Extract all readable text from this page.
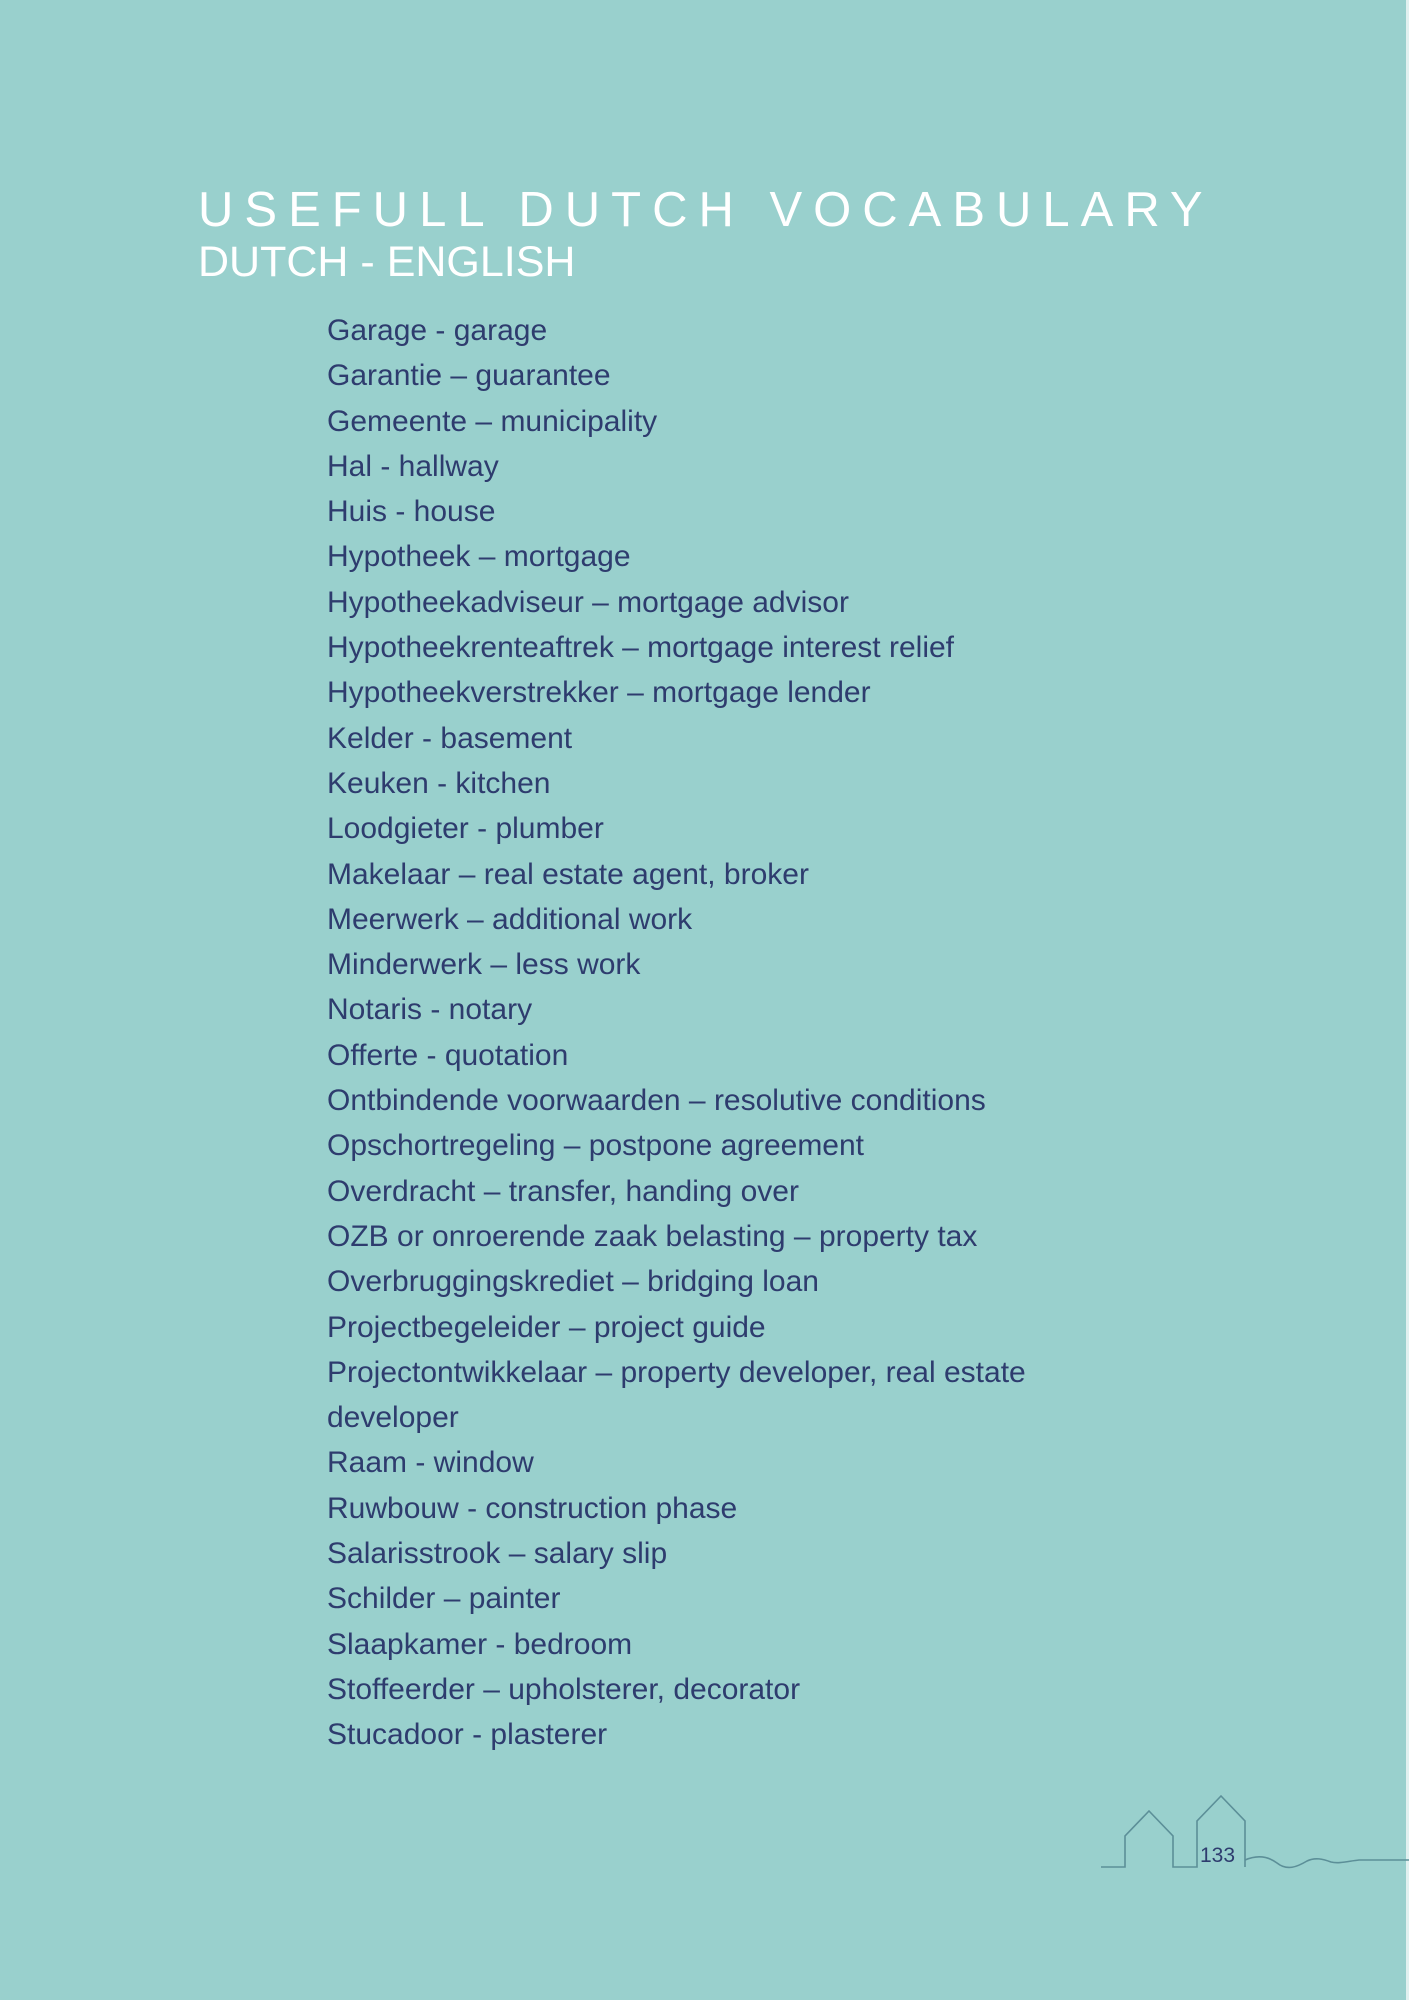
USEFULL DUTCH VOCABULARY
DUTCH - ENGLISH
Garage - garage
Garantie – guarantee
Gemeente – municipality
Hal - hallway
Huis - house
Hypotheek – mortgage
Hypotheekadviseur – mortgage advisor
Hypotheekrenteaftrek – mortgage interest relief
Hypotheekverstrekker – mortgage lender
Kelder - basement
Keuken - kitchen
Loodgieter - plumber
Makelaar – real estate agent, broker
Meerwerk – additional work
Minderwerk – less work
Notaris - notary
Offerte - quotation
Ontbindende voorwaarden – resolutive conditions
Opschortregeling – postpone agreement
Overdracht – transfer, handing over
OZB or onroerende zaak belasting – property tax
Overbruggingskrediet – bridging loan
Projectbegeleider – project guide
Projectontwikkelaar – property developer, real estate developer
Raam - window
Ruwbouw - construction phase
Salarisstrook – salary slip
Schilder – painter
Slaapkamer - bedroom
Stoffeerder – upholsterer, decorator
Stucadoor - plasterer
133
